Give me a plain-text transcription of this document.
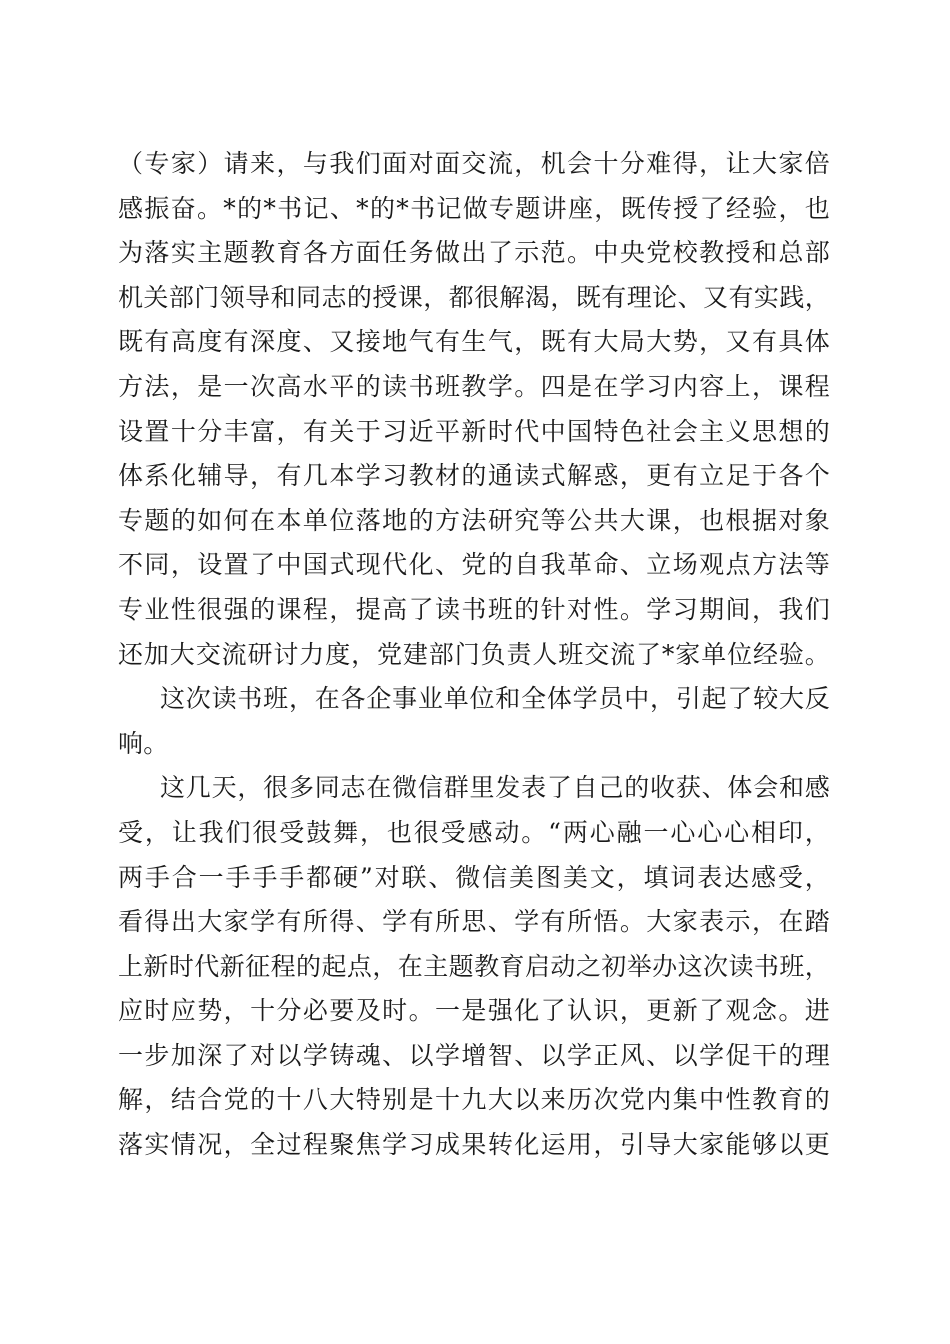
（专家）请来，与我们面对面交流，机会十分难得，让大家倍
感振奋。*的*书记、*的*书记做专题讲座，既传授了经验，也
为落实主题教育各方面任务做出了示范。中央党校教授和总部
机关部门领导和同志的授课，都很解渴，既有理论、又有实践，
既有高度有深度、又接地气有生气，既有大局大势，又有具体
方法，是一次高水平的读书班教学。四是在学习内容上，课程
设置十分丰富，有关于习近平新时代中国特色社会主义思想的
体系化辅导，有几本学习教材的通读式解惑，更有立足于各个
专题的如何在本单位落地的方法研究等公共大课，也根据对象
不同，设置了中国式现代化、党的自我革命、立场观点方法等
专业性很强的课程，提高了读书班的针对性。学习期间，我们
还加大交流研讨力度，党建部门负责人班交流了*家单位经验。
这次读书班，在各企事业单位和全体学员中，引起了较大反
响。
这几天，很多同志在微信群里发表了自己的收获、体会和感
受，让我们很受鼓舞，也很受感动。“两心融一心心心相印，
两手合一手手手都硬”对联、微信美图美文，填词表达感受，
看得出大家学有所得、学有所思、学有所悟。大家表示，在踏
上新时代新征程的起点，在主题教育启动之初举办这次读书班，
应时应势，十分必要及时。一是强化了认识，更新了观念。进
一步加深了对以学铸魂、以学增智、以学正风、以学促干的理
解，结合党的十八大特别是十九大以来历次党内集中性教育的
落实情况，全过程聚焦学习成果转化运用，引导大家能够以更
